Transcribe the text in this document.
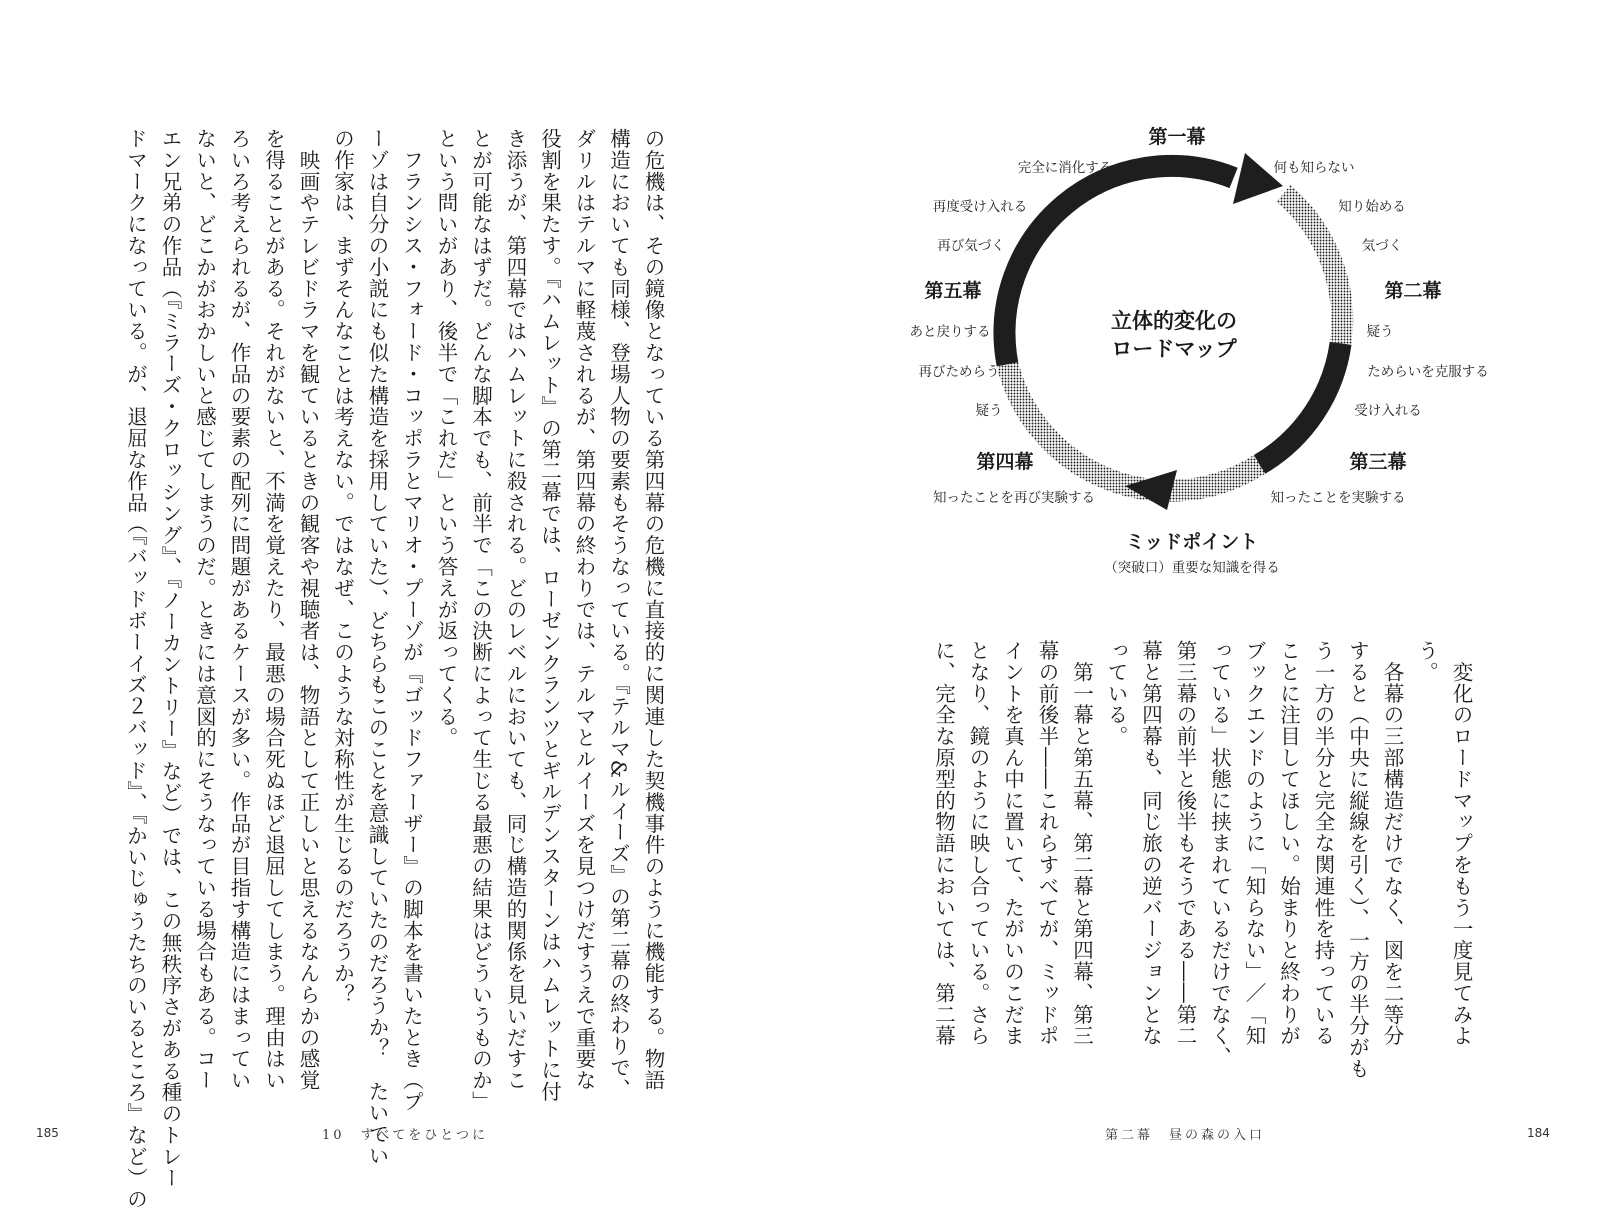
の危機は、その鏡像となっている第四幕の危機に直接的に関連した契機事件のように機能する。物語
構造においても同様、登場人物の要素もそうなっている。『テルマ&ルイーズ』の第二幕の終わりで、
ダリルはテルマに軽蔑されるが、第四幕の終わりでは、テルマとルイーズを見つけだすうえで重要な
役割を果たす。『ハムレット』の第二幕では、ローゼンクランツとギルデンスターンはハムレットに付
き添うが、第四幕ではハムレットに殺される。どのレベルにおいても、同じ構造的関係を見いだすこ
とが可能なはずだ。どんな脚本でも、前半で「この決断によって生じる最悪の結果はどういうものか」
という問いがあり、後半で「これだ」という答えが返ってくる。
　フランシス・フォード・コッポラとマリオ・プーゾが『ゴッドファーザー』の脚本を書いたとき（プ
ーゾは自分の小説にも似た構造を採用していた）、どちらもこのことを意識していたのだろうか？　たいてい
の作家は、まずそんなことは考えない。ではなぜ、このような対称性が生じるのだろうか？
　映画やテレビドラマを観ているときの観客や視聴者は、物語として正しいと思えるなんらかの感覚
を得ることがある。それがないと、不満を覚えたり、最悪の場合死ぬほど退屈してしまう。理由はい
ろいろ考えられるが、作品の要素の配列に問題があるケースが多い。作品が目指す構造にはまってい
ないと、どこかがおかしいと感じてしまうのだ。ときには意図的にそうなっている場合もある。コー
エン兄弟の作品（『ミラーズ・クロッシング』、『ノーカントリー』など）では、この無秩序さがある種のトレー
ドマークになっている。が、退屈な作品（『バッドボーイズ２バッド』、『かいじゅうたちのいるところ』など）の
185	10　すべてをひとつに
立体的変化の
ロードマップ
第一幕
第二幕
第三幕
第四幕
第五幕
ミッドポイント
（突破口）重要な知識を得る
何も知らない
知り始める
気づく
疑う
ためらいを克服する
受け入れる
知ったことを実験する
知ったことを再び実験する
疑う
再びためらう
あと戻りする
再び気づく
再度受け入れる
完全に消化する
　変化のロードマップをもう一度見てみよ
う。
　各幕の三部構造だけでなく、図を二等分
すると（中央に縦線を引く）、一方の半分がも
う一方の半分と完全な関連性を持っている
ことに注目してほしい。始まりと終わりが
ブックエンドのように「知らない」／「知
っている」状態に挟まれているだけでなく、
第三幕の前半と後半もそうである――第二
幕と第四幕も、同じ旅の逆バージョンとな
っている。
　第一幕と第五幕、第二幕と第四幕、第三
幕の前後半――これらすべてが、ミッドポ
イントを真ん中に置いて、たがいのこだま
となり、鏡のように映し合っている。さら
に、完全な原型的物語においては、第二幕
第二幕　昼の森の入口	184
